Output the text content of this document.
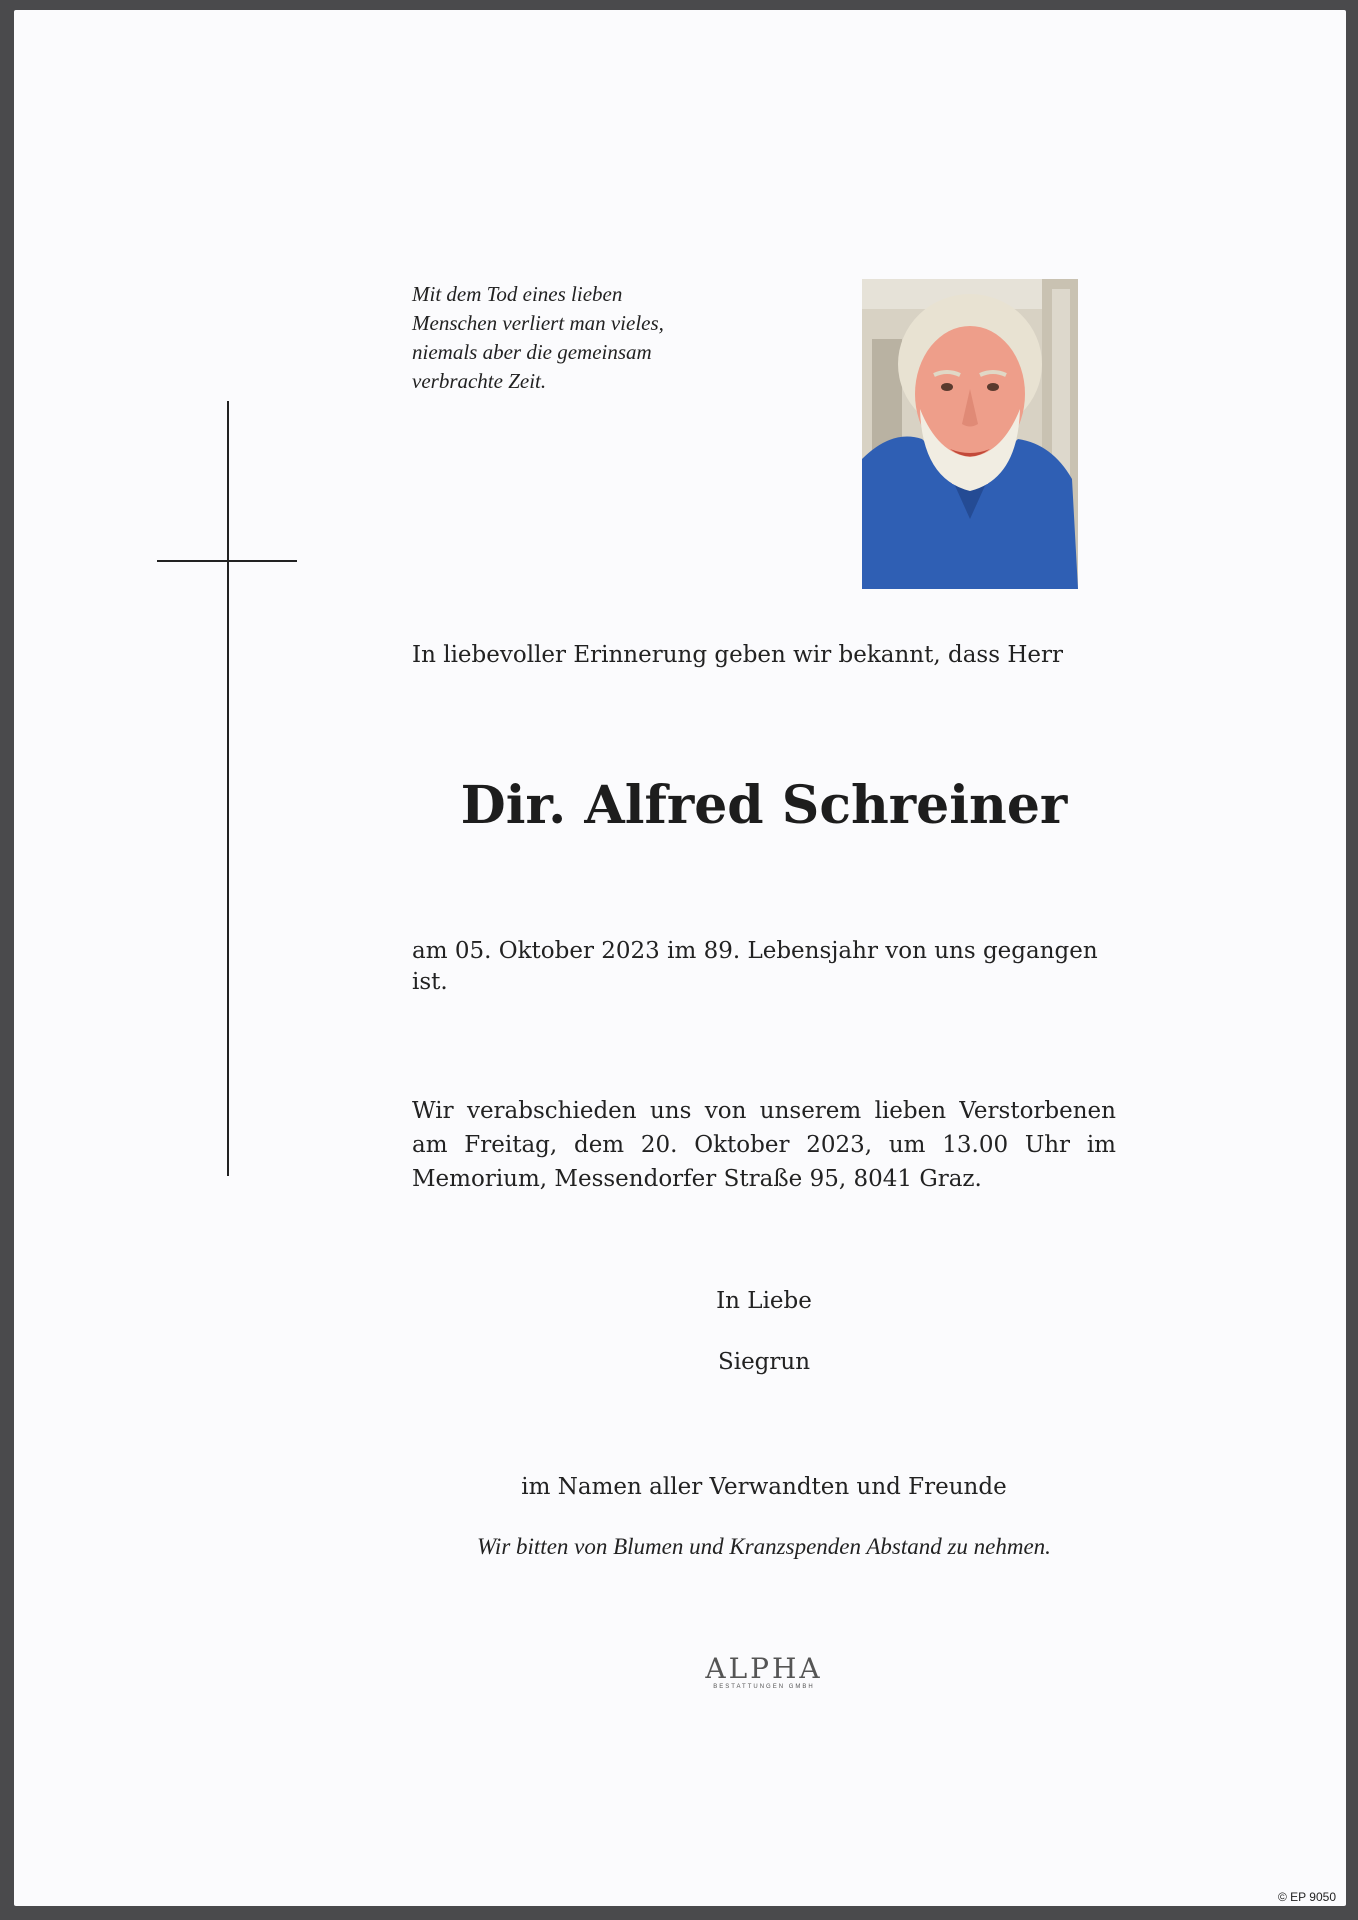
Mit dem Tod eines lieben
Menschen verliert man vieles,
niemals aber die gemeinsam
verbrachte Zeit.
In liebevoller Erinnerung geben wir bekannt, dass Herr
Dir. Alfred Schreiner
am 05. Oktober 2023 im 89. Lebensjahr von uns gegangen ist.
Wir verabschieden uns von unserem lieben Verstorbenen am Freitag, dem 20. Oktober 2023, um 13.00 Uhr im Memorium, Messendorfer Straße 95, 8041 Graz.
In Liebe
Siegrun
im Namen aller Verwandten und Freunde
Wir bitten von Blumen und Kranzspenden Abstand zu nehmen.
ALPHA
BESTATTUNGEN GMBH
© EP 9050
